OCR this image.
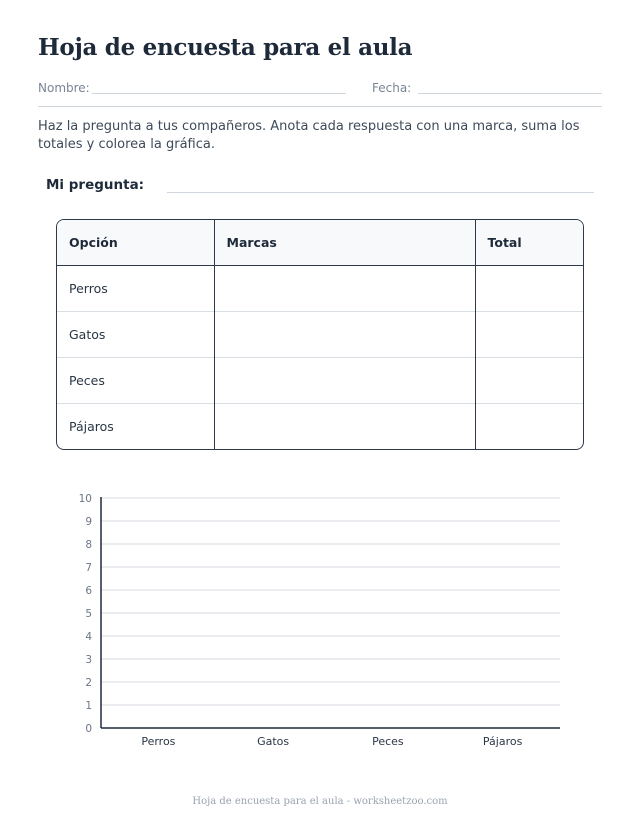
Hoja de encuesta para el aula
Nombre:	Fecha:

Haz la pregunta a tus compañeros. Anota cada respuesta con una marca, suma los totales y colorea la gráfica.

Mi pregunta:
Opción	Marcas	Total
Perros		
Gatos		
Peces		
Pájaros		
0
1
2
3
4
5
6
7
8
9
10
Perros	Gatos	Peces	Pájaros
Hoja de encuesta para el aula - worksheetzoo.com
